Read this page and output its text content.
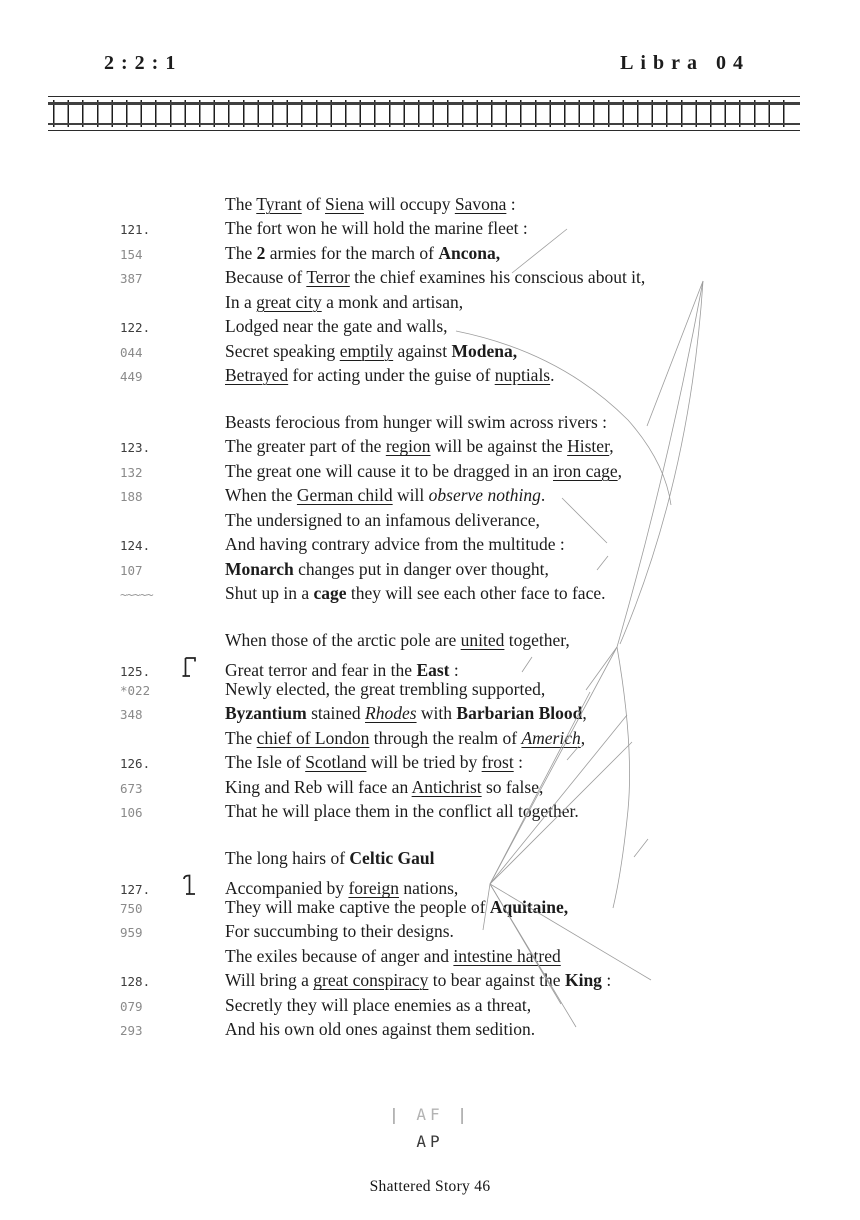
2:2:1	Libra 04
The Tyrant of Siena will occupy Savona :
121.	The fort won he will hold the marine fleet :
154	The 2 armies for the march of Ancona,
387	Because of Terror the chief examines his conscious about it,
In a great city a monk and artisan,
122.	Lodged near the gate and walls,
044	Secret speaking emptily against Modena,
449	Betrayed for acting under the guise of nuptials.
Beasts ferocious from hunger will swim across rivers :
123.	The greater part of the region will be against the Hister,
132	The great one will cause it to be dragged in an iron cage,
188	When the German child will observe nothing.
The undersigned to an infamous deliverance,
124.	And having contrary advice from the multitude :
107	Monarch changes put in danger over thought,
~~~~~	Shut up in a cage they will see each other face to face.
When those of the arctic pole are united together,
125.	Great terror and fear in the East :
*022	Newly elected, the great trembling supported,
348	Byzantium stained Rhodes with Barbarian Blood,
The chief of London through the realm of Americh,
126.	The Isle of Scotland will be tried by frost :
673	King and Reb will face an Antichrist so false,
106	That he will place them in the conflict all together.
The long hairs of Celtic Gaul
127.	Accompanied by foreign nations,
750	They will make captive the people of Aquitaine,
959	For succumbing to their designs.
The exiles because of anger and intestine hatred
128.	Will bring a great conspiracy to bear against the King :
079	Secretly they will place enemies as a threat,
293	And his own old ones against them sedition.
| AF |
AP
Shattered Story 46
